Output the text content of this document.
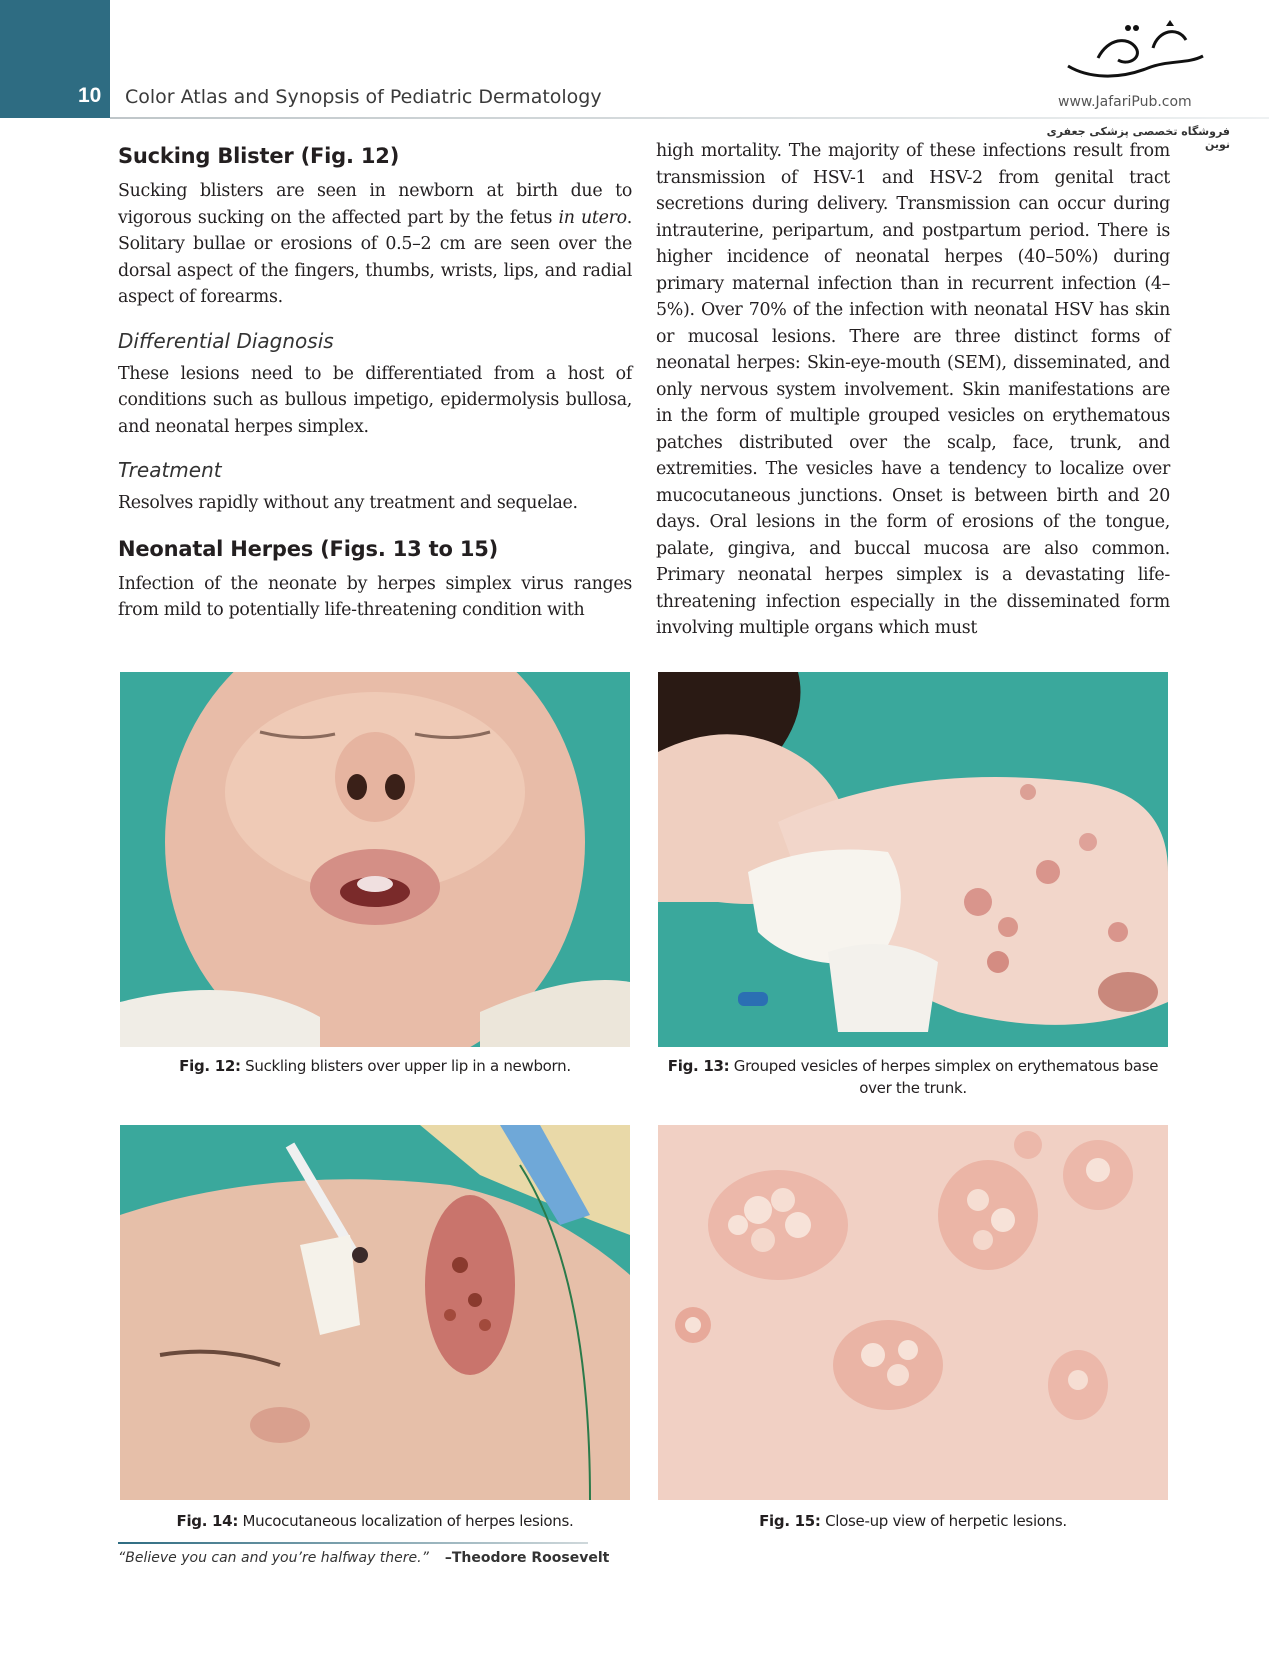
10 Color Atlas and Synopsis of Pediatric Dermatology	www.JafariPub.com
فروشگاه تخصصی پزشکی جعفری نوین
Sucking Blister (Fig. 12)

Sucking blisters are seen in newborn at birth due to vigorous sucking on the affected part by the fetus in utero. Solitary bullae or erosions of 0.5–2 cm are seen over the dorsal aspect of the fingers, thumbs, wrists, lips, and radial aspect of forearms.

Differential Diagnosis

These lesions need to be differentiated from a host of conditions such as bullous impetigo, epidermolysis bullosa, and neonatal herpes simplex.

Treatment

Resolves rapidly without any treatment and sequelae.

Neonatal Herpes (Figs. 13 to 15)

Infection of the neonate by herpes simplex virus ranges from mild to potentially life-threatening condition with

high mortality. The majority of these infections result from transmission of HSV-1 and HSV-2 from genital tract secretions during delivery. Transmission can occur during intrauterine, peripartum, and postpartum period. There is higher incidence of neonatal herpes (40–50%) during primary maternal infection than in recurrent infection (4–5%). Over 70% of the infection with neonatal HSV has skin or mucosal lesions. There are three distinct forms of neonatal herpes: Skin-eye-mouth (SEM), disseminated, and only nervous system involvement. Skin manifestations are in the form of multiple grouped vesicles on erythematous patches distributed over the scalp, face, trunk, and extremities. The vesicles have a tendency to localize over mucocutaneous junctions. Onset is between birth and 20 days. Oral lesions in the form of erosions of the tongue, palate, gingiva, and buccal mucosa are also common. Primary neonatal herpes simplex is a devastating life-threatening infection especially in the disseminated form involving multiple organs which must

Fig. 12: Suckling blisters over upper lip in a newborn.	Fig. 13: Grouped vesicles of herpes simplex on erythematous base over the trunk.
Fig. 14: Mucocutaneous localization of herpes lesions.	Fig. 15: Close-up view of herpetic lesions.
“Believe you can and you’re halfway there.” –Theodore Roosevelt
